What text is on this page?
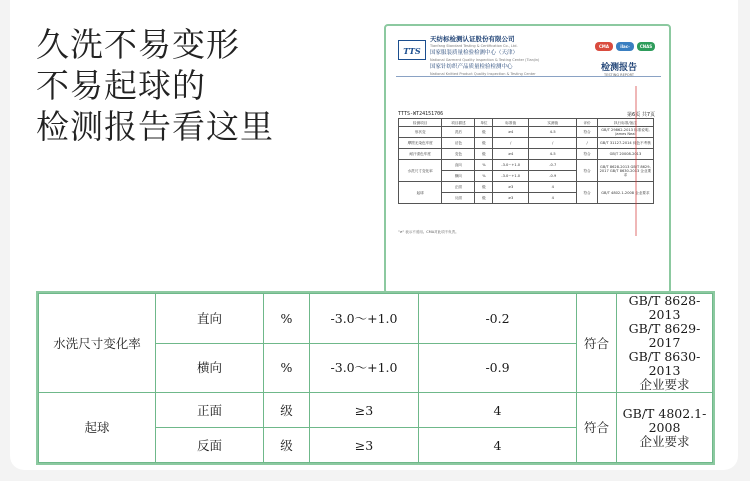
久洗不易变形
不易起球的
检测报告看这里
TTS
天纺标检测认证股份有限公司
Tianfang Standard Testing & Certification Co., Ltd.
国家服装质量检验检测中心（天津）
National Garment Quality Inspection & Testing Center (Tianjin)
国家针纺织产品质量检验检测中心
National Knitted Product Quality Inspection & Testing Center
CMA	ilac-MRA
CNAS
检测报告
TESTING REPORT
TTTS-WT24151706	第6页 共7页
检测项目	项目描述	单位	标准值	实测值	评价	执行标准/备注
形状变	洗后	级	≥4	4-5	符合	GB/T 29862-2013 标准说明, James Neal
摩擦无染色牢度	沾色	级	/	/	/	GB/T 31127-2014 纯色不考核
耐汗渍色牢度	变色	级	≥4	4-5	符合	GB/T 20008-2013
水洗尺寸变化率	直向	%	-3.0~+1.0	-0.7	符合	GB/T 8628-2013 GB/T 8629-2017 GB/T 8630-2013 企业要求
	横向	%	-3.0~+1.0	-0.9		
起球	正面	级	≥3	4	符合	GB/T 4802.1-2008 企业要求
	反面	级	≥3	4		
"≠" 表示不适用。CMA对此项不负责。
水洗尺寸变化率	直向	%	-3.0～+1.0	-0.2	符合	GB/T 8628-2013
GB/T 8629-2017
GB/T 8630-2013
企业要求

	横向	%	-3.0～+1.0	-0.9		
起球	正面	级	≥3	4	符合	GB/T 4802.1-2008
企业要求

	反面	级	≥3	4		
